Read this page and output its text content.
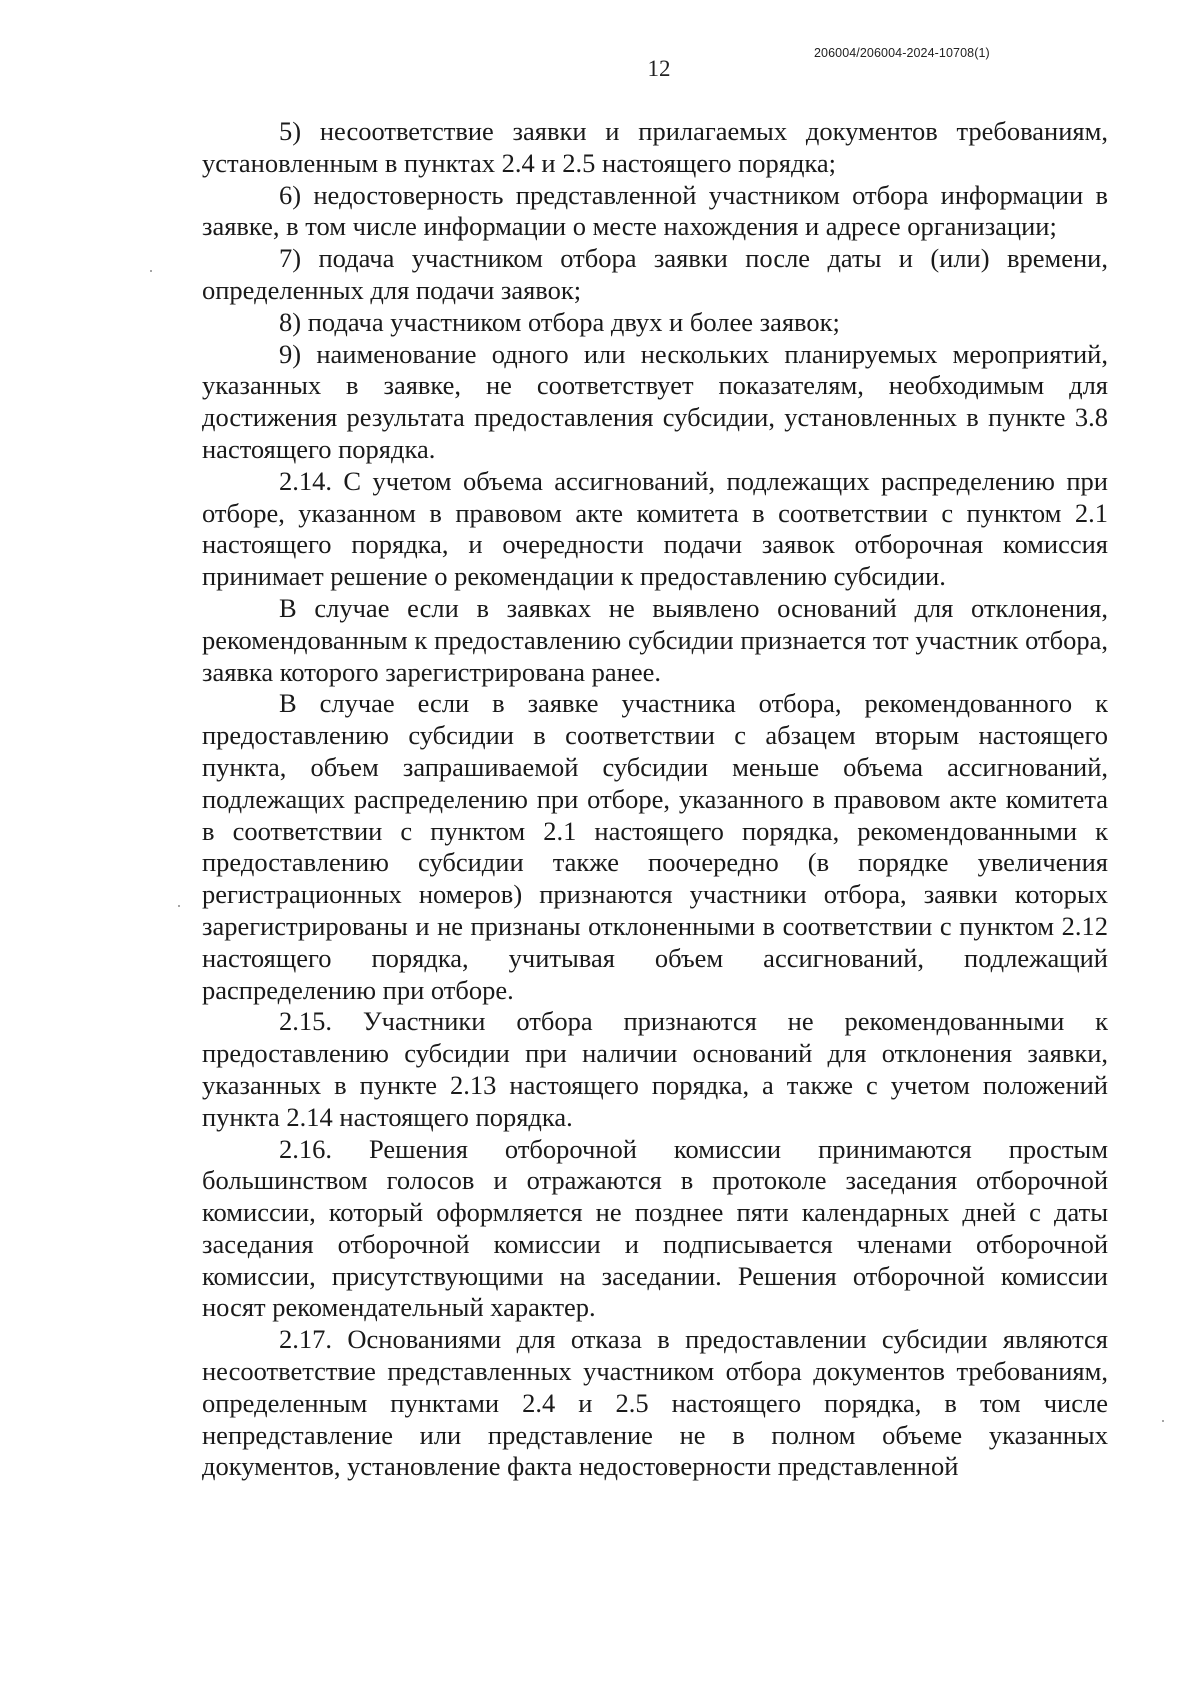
206004/206004-2024-10708(1)
12

5) несоответствие заявки и прилагаемых документов требованиям, установленным в пунктах 2.4 и 2.5 настоящего порядка;

6) недостоверность представленной участником отбора информации в заявке, в том числе информации о месте нахождения и адресе организации;

7) подача участником отбора заявки после даты и (или) времени, определенных для подачи заявок;

8) подача участником отбора двух и более заявок;

9) наименование одного или нескольких планируемых мероприятий, указанных в заявке, не соответствует показателям, необходимым для достижения результата предоставления субсидии, установленных в пункте 3.8 настоящего порядка.

2.14. С учетом объема ассигнований, подлежащих распределению при отборе, указанном в правовом акте комитета в соответствии с пунктом 2.1 настоящего порядка, и очередности подачи заявок отборочная комиссия принимает решение о рекомендации к предоставлению субсидии.

В случае если в заявках не выявлено оснований для отклонения, рекомендованным к предоставлению субсидии признается тот участник отбора, заявка которого зарегистрирована ранее.

В случае если в заявке участника отбора, рекомендованного к предоставлению субсидии в соответствии с абзацем вторым настоящего пункта, объем запрашиваемой субсидии меньше объема ассигнований, подлежащих распределению при отборе, указанного в правовом акте комитета в соответствии с пунктом 2.1 настоящего порядка, рекомендованными к предоставлению субсидии также поочередно (в порядке увеличения регистрационных номеров) признаются участники отбора, заявки которых зарегистрированы и не признаны отклоненными в соответствии с пунктом 2.12 настоящего порядка, учитывая объем ассигнований, подлежащий распределению при отборе.

2.15. Участники отбора признаются не рекомендованными к предоставлению субсидии при наличии оснований для отклонения заявки, указанных в пункте 2.13 настоящего порядка, а также с учетом положений пункта 2.14 настоящего порядка.

2.16. Решения отборочной комиссии принимаются простым большинством голосов и отражаются в протоколе заседания отборочной комиссии, который оформляется не позднее пяти календарных дней с даты заседания отборочной комиссии и подписывается членами отборочной комиссии, присутствующими на заседании. Решения отборочной комиссии носят рекомендательный характер.

2.17. Основаниями для отказа в предоставлении субсидии являются несоответствие представленных участником отбора документов требованиям, определенным пунктами 2.4 и 2.5 настоящего порядка, в том числе непредставление или представление не в полном объеме указанных документов, установление факта недостоверности представленной
